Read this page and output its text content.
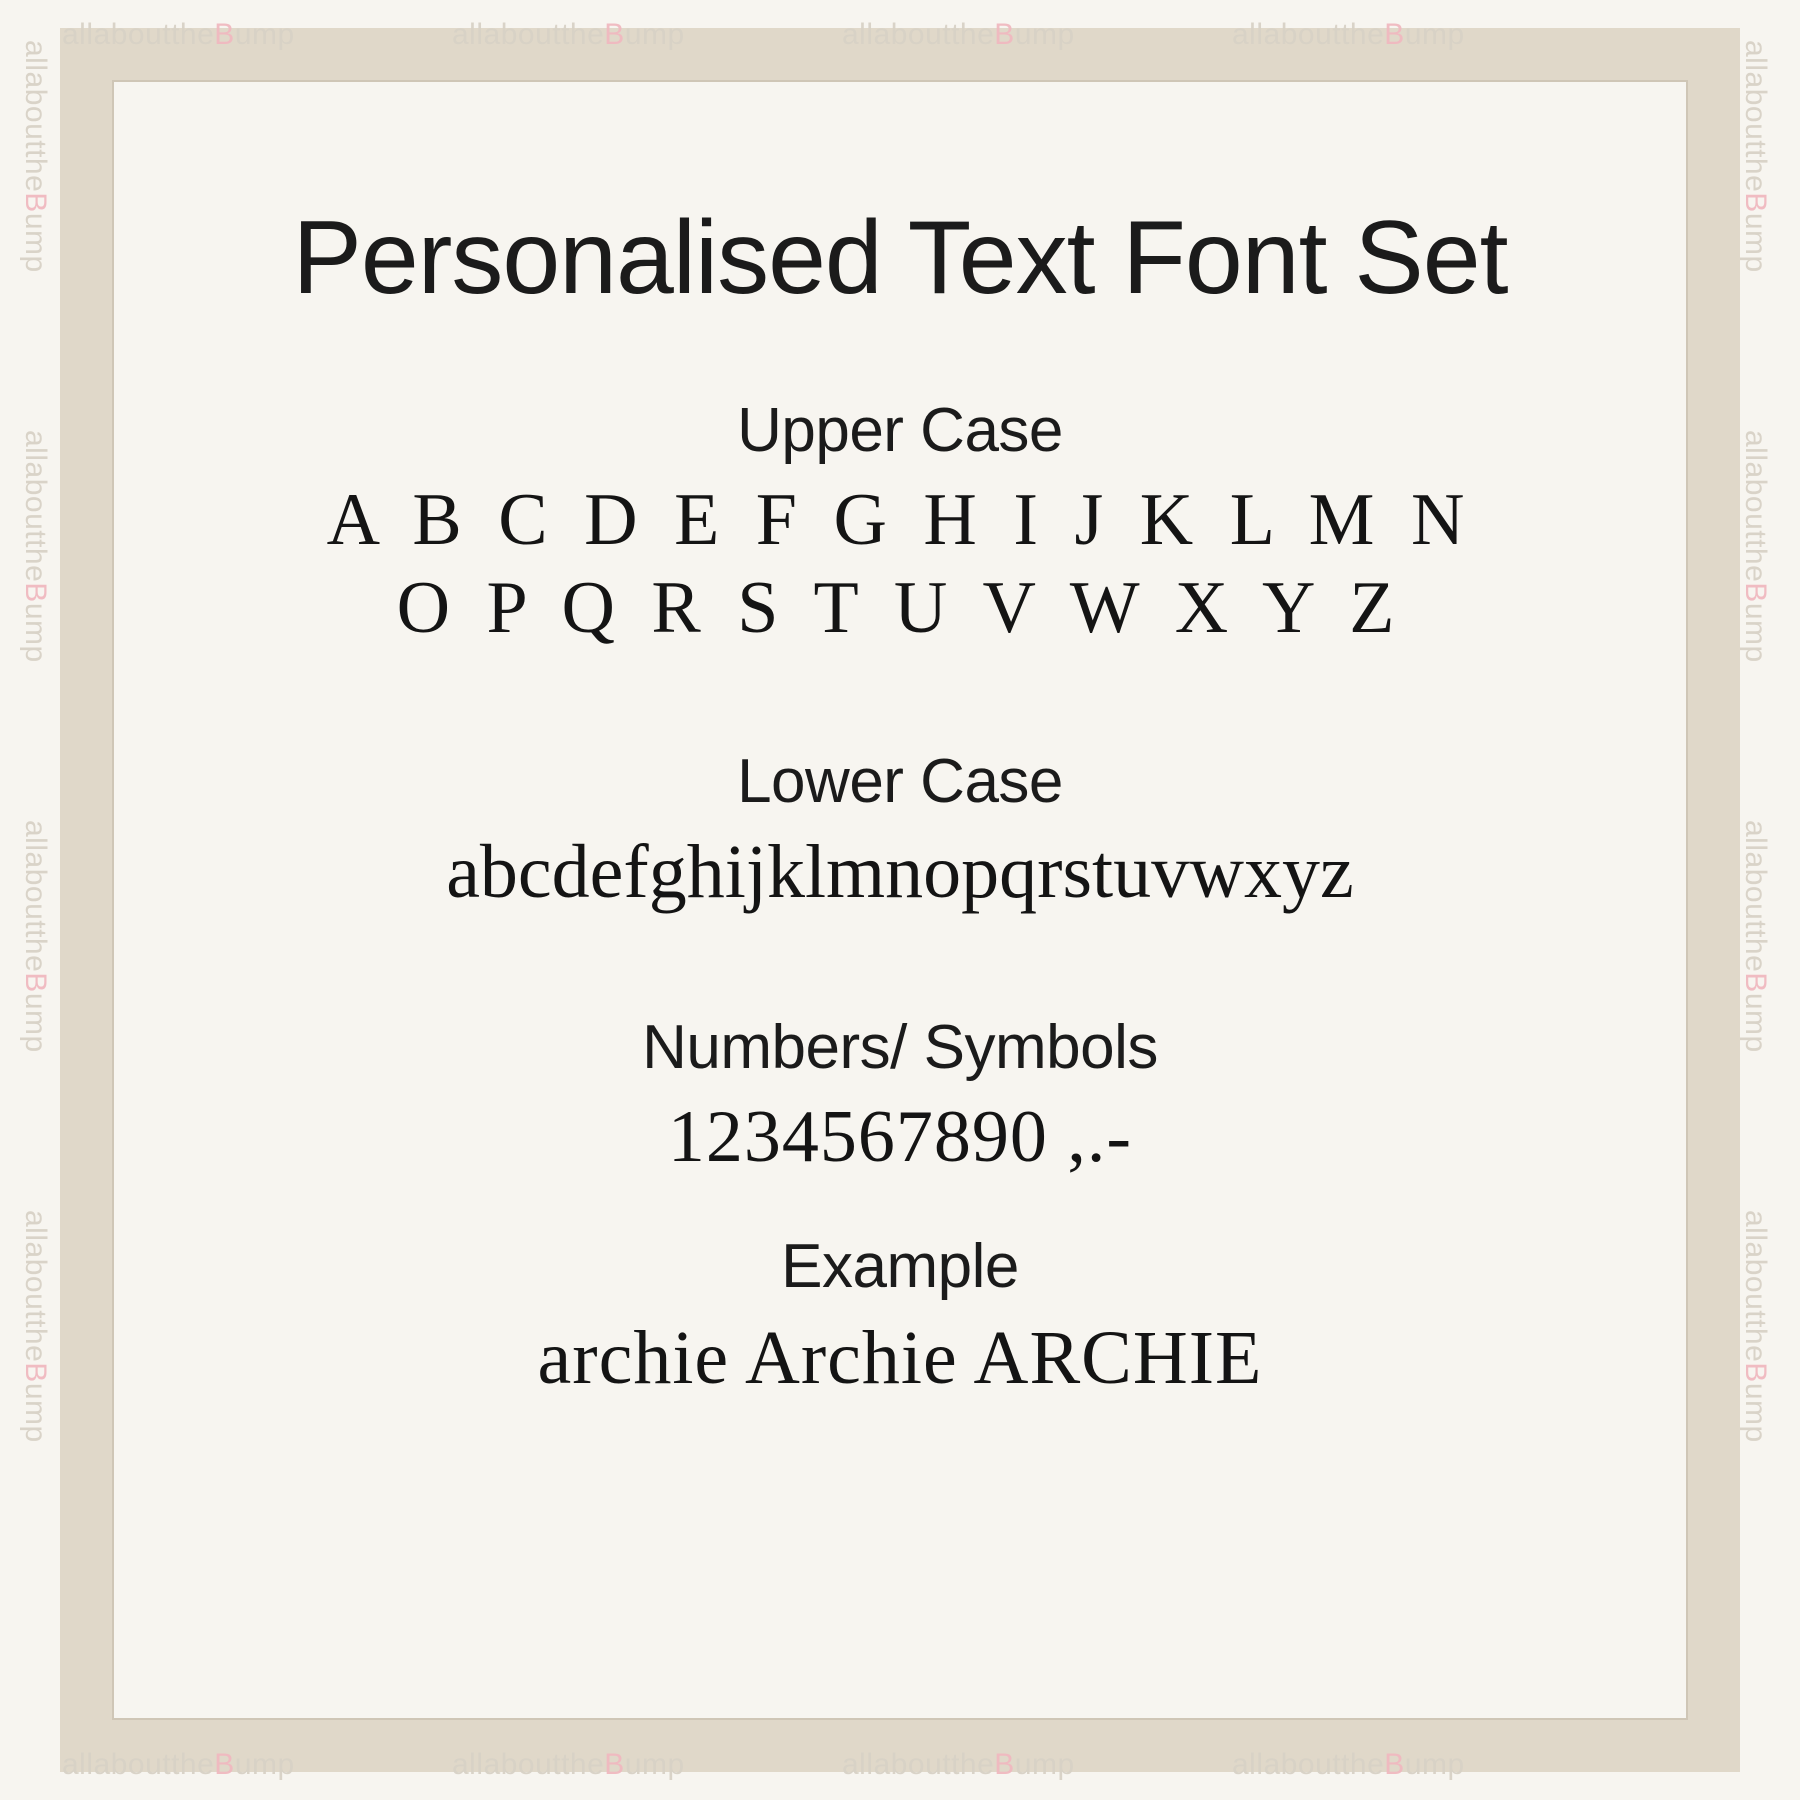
Personalised Text Font Set
Upper Case
A B C D E F G H I J K L M N
O P Q R S T U V W X Y Z
Lower Case
abcdefghijklmnopqrstuvwxyz
Numbers/ Symbols
1234567890 ,.-
Example
archie Archie ARCHIE
allabouttheBump	allabouttheBump	allabouttheBump	allabouttheBump
allabouttheBump	allabouttheBump	allabouttheBump	allabouttheBump
allabouttheBump
allabouttheBump
allabouttheBump
allabouttheBump
allabouttheBump
allabouttheBump
allabouttheBump
allabouttheBump
